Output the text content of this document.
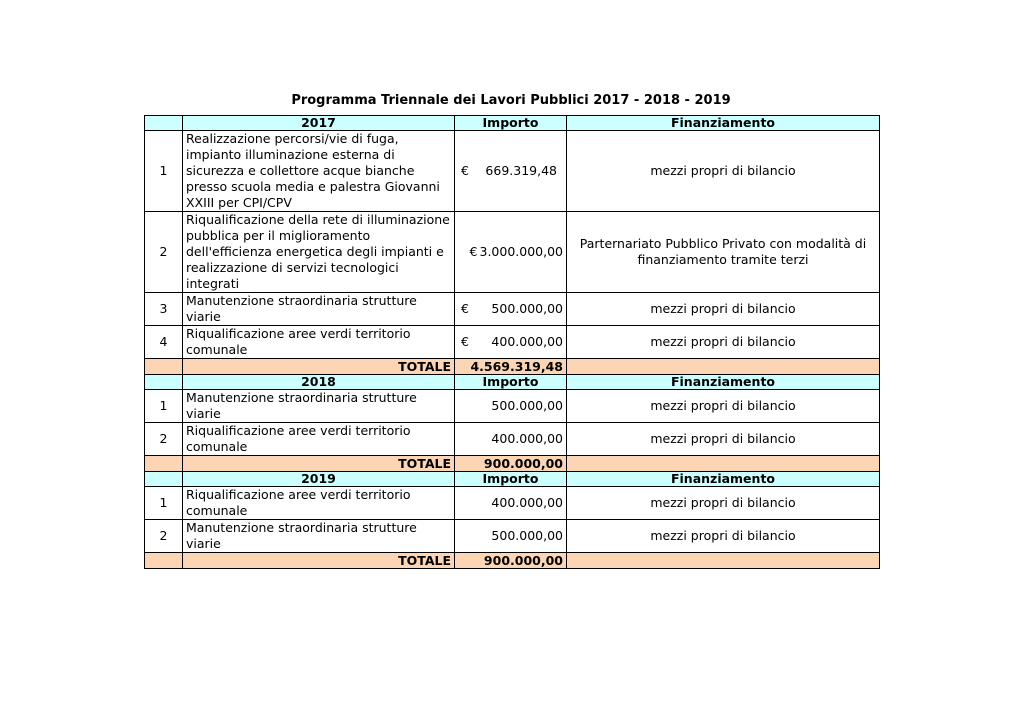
Programma Triennale dei Lavori Pubblici 2017 - 2018 - 2019
	2017	Importo	Finanziamento
1	Realizzazione percorsi/vie di fuga, impianto illuminazione esterna di sicurezza e collettore acque bianche presso scuola media e palestra Giovanni XXIII per CPI/CPV	€ 669.319,48	mezzi propri di bilancio
2	Riqualificazione della rete di illuminazione pubblica per il miglioramento dell'efficienza energetica degli impianti e realizzazione di servizi tecnologici integrati	€ 3.000.000,00	Parternariato Pubblico Privato con modalità di finanziamento tramite terzi
3	Manutenzione straordinaria strutture viarie	€ 500.000,00	mezzi propri di bilancio
4	Riqualificazione aree verdi territorio comunale	€ 400.000,00	mezzi propri di bilancio
	TOTALE	4.569.319,48	
	2018	Importo	Finanziamento
1	Manutenzione straordinaria strutture viarie	500.000,00	mezzi propri di bilancio
2	Riqualificazione aree verdi territorio comunale	400.000,00	mezzi propri di bilancio
	TOTALE	900.000,00	
	2019	Importo	Finanziamento
1	Riqualificazione aree verdi territorio comunale	400.000,00	mezzi propri di bilancio
2	Manutenzione straordinaria strutture viarie	500.000,00	mezzi propri di bilancio
	TOTALE	900.000,00	
